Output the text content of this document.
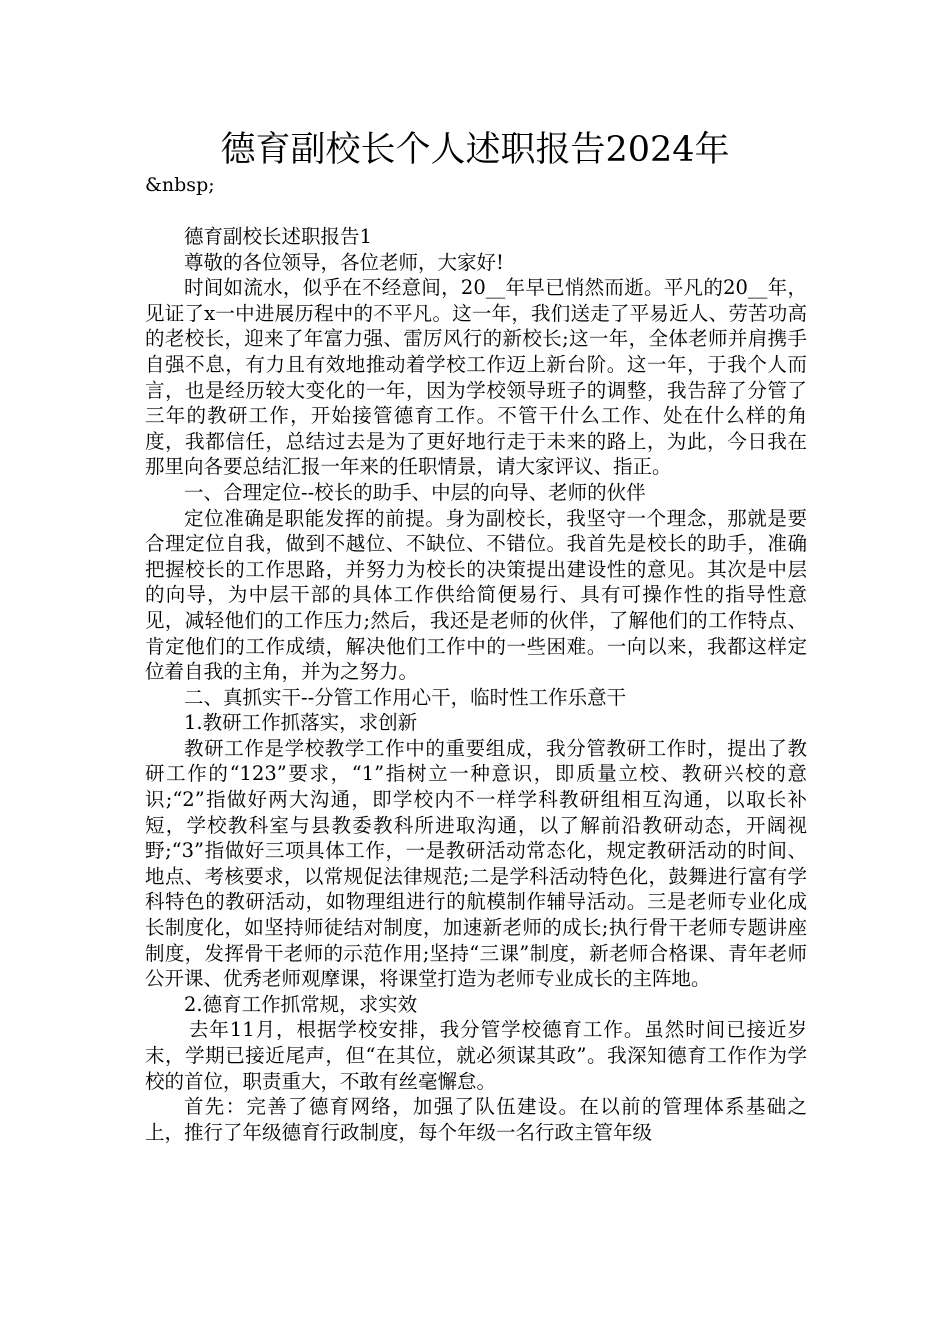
德育副校长个人述职报告2024年
&nbsp;

德育副校长述职报告1

尊敬的各位领导，各位老师，大家好!

时间如流水，似乎在不经意间，20__年早已悄然而逝。平凡的20__年，见证了x一中进展历程中的不平凡。这一年，我们送走了平易近人、劳苦功高的老校长，迎来了年富力强、雷厉风行的新校长;这一年，全体老师并肩携手自强不息，有力且有效地推动着学校工作迈上新台阶。这一年，于我个人而言，也是经历较大变化的一年，因为学校领导班子的调整，我告辞了分管了三年的教研工作，开始接管德育工作。不管干什么工作、处在什么样的角度，我都信任，总结过去是为了更好地行走于未来的路上，为此，今日我在那里向各要总结汇报一年来的任职情景，请大家评议、指正。

一、合理定位--校长的助手、中层的向导、老师的伙伴

定位准确是职能发挥的前提。身为副校长，我坚守一个理念，那就是要合理定位自我，做到不越位、不缺位、不错位。我首先是校长的助手，准确把握校长的工作思路，并努力为校长的决策提出建设性的意见。其次是中层的向导，为中层干部的具体工作供给简便易行、具有可操作性的指导性意见，减轻他们的工作压力;然后，我还是老师的伙伴，了解他们的工作特点、肯定他们的工作成绩，解决他们工作中的一些困难。一向以来，我都这样定位着自我的主角，并为之努力。

二、真抓实干--分管工作用心干，临时性工作乐意干

1.教研工作抓落实，求创新

教研工作是学校教学工作中的重要组成，我分管教研工作时，提出了教研工作的“123”要求，“1”指树立一种意识，即质量立校、教研兴校的意识;“2”指做好两大沟通，即学校内不一样学科教研组相互沟通，以取长补短，学校教科室与县教委教科所进取沟通，以了解前沿教研动态，开阔视野;“3”指做好三项具体工作，一是教研活动常态化，规定教研活动的时间、地点、考核要求，以常规促法律规范;二是学科活动特色化，鼓舞进行富有学科特色的教研活动，如物理组进行的航模制作辅导活动。三是老师专业化成长制度化，如坚持师徒结对制度，加速新老师的成长;执行骨干老师专题讲座制度，发挥骨干老师的示范作用;坚持“三课”制度，新老师合格课、青年老师公开课、优秀老师观摩课，将课堂打造为老师专业成长的主阵地。

2.德育工作抓常规，求实效

去年11月，根据学校安排，我分管学校德育工作。虽然时间已接近岁末，学期已接近尾声，但“在其位，就必须谋其政”。我深知德育工作作为学校的首位，职责重大，不敢有丝毫懈怠。

首先：完善了德育网络，加强了队伍建设。在以前的管理体系基础之上，推行了年级德育行政制度，每个年级一名行政主管年级
